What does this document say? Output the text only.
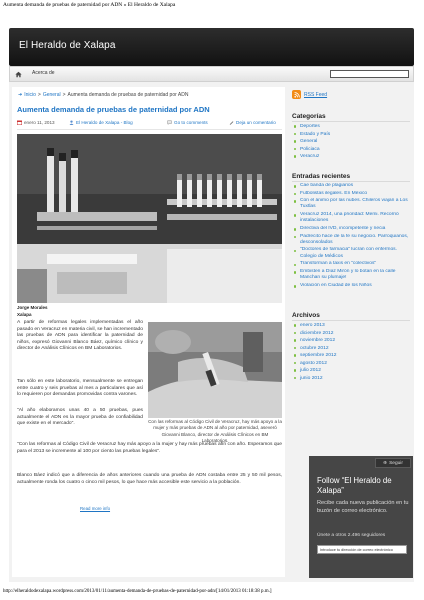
Aumenta demanda de pruebas de paternidad por ADN « El Heraldo de Xalapa
El Heraldo de Xalapa
Acerca de
➜ Inicio > General > Aumenta demanda de pruebas de paternidad por ADN
Aumenta demanda de pruebas de paternidad por ADN
enero 11, 2013	El Heraldo de Xalapa - Blog	Go to comments	Deja un comentario
Jorge Morales
Xalapa
A partir de reformas legales implementadas el año pasado en Veracruz en materia civil, se han incrementado las pruebas de ADN para identificar la paternidad de niños, expresó Giovanni Blanco Báez, químico clínico y director de Análisis Clínicos en BM Laboratorios.
Tan sólo en este laboratorio, mensualmente se entregan entre cuatro y seis pruebas al mes a particulares que así lo requieren por demandas promovidas contra varones.
"Al año elaboramos unas 40 a 50 pruebas, pues actualmente el ADN es la mayor prueba de confiabilidad que existe en el mercado".
"Con las reformas al Código Civil de Veracruz hay más apoyo a la mujer y hay más pruebas afín con año. Esperamos que para el 2013 se incremente al 100 por ciento las pruebas legales".
Blanco Báez indicó que a diferencia de años anteriores cuando una prueba de ADN costaba entre 25 y 50 mil pesos, actualmente ronda los cuatro o cinco mil pesos, lo que hace más accesible este servicio a la población.
Con las reformas al Código Civil de Veracruz, hay más apoyo a la mujer y más pruebas de ADN al año por paternidad, aseveró Giovanni Blanco, director de Análisis Clínicos en BM Laboratorios.
Read more info
RSS Feed
Categorías
Deportes
Estado y País
General
Policiaca
Veracruz
Entradas recientes
Cae banda de plagiarios
Futbolistas ilegales. En México
Con el ánimo por las nubes. Chileros viajan a Los Tuxtlas
Veracruz 2014, una prioridad: Memi. Recorrió instalaciones
Directiva del IVD, incompetente y necia
Padrecito hace de la fe su negocio. Parroquianos, desconsolados
"Doctores de farmacia" lucran con enfermos. Colegio de Médicos
Transforman a taxis en "colectivos"
Embisten a Díaz Mirón y lo botan en la calle Manchan su plumaje!
Violación en Ciudad de los Niños
Archivos
enero 2013
diciembre 2012
noviembre 2012
octubre 2012
septiembre 2012
agosto 2012
julio 2012
junio 2012
⊕ Seguir
Follow “El Heraldo de Xalapa”
Recibe cada nueva publicación en tu buzón de correo electrónico.
Únete a otros 2.496 seguidores
Introduce tu dirección de correo electrónico
http://elheraldodexalapa.wordpress.com/2013/01/11/aumenta-demanda-de-pruebas-de-paternidad-por-adn/[14/01/2013 01:18:38 p.m.]
